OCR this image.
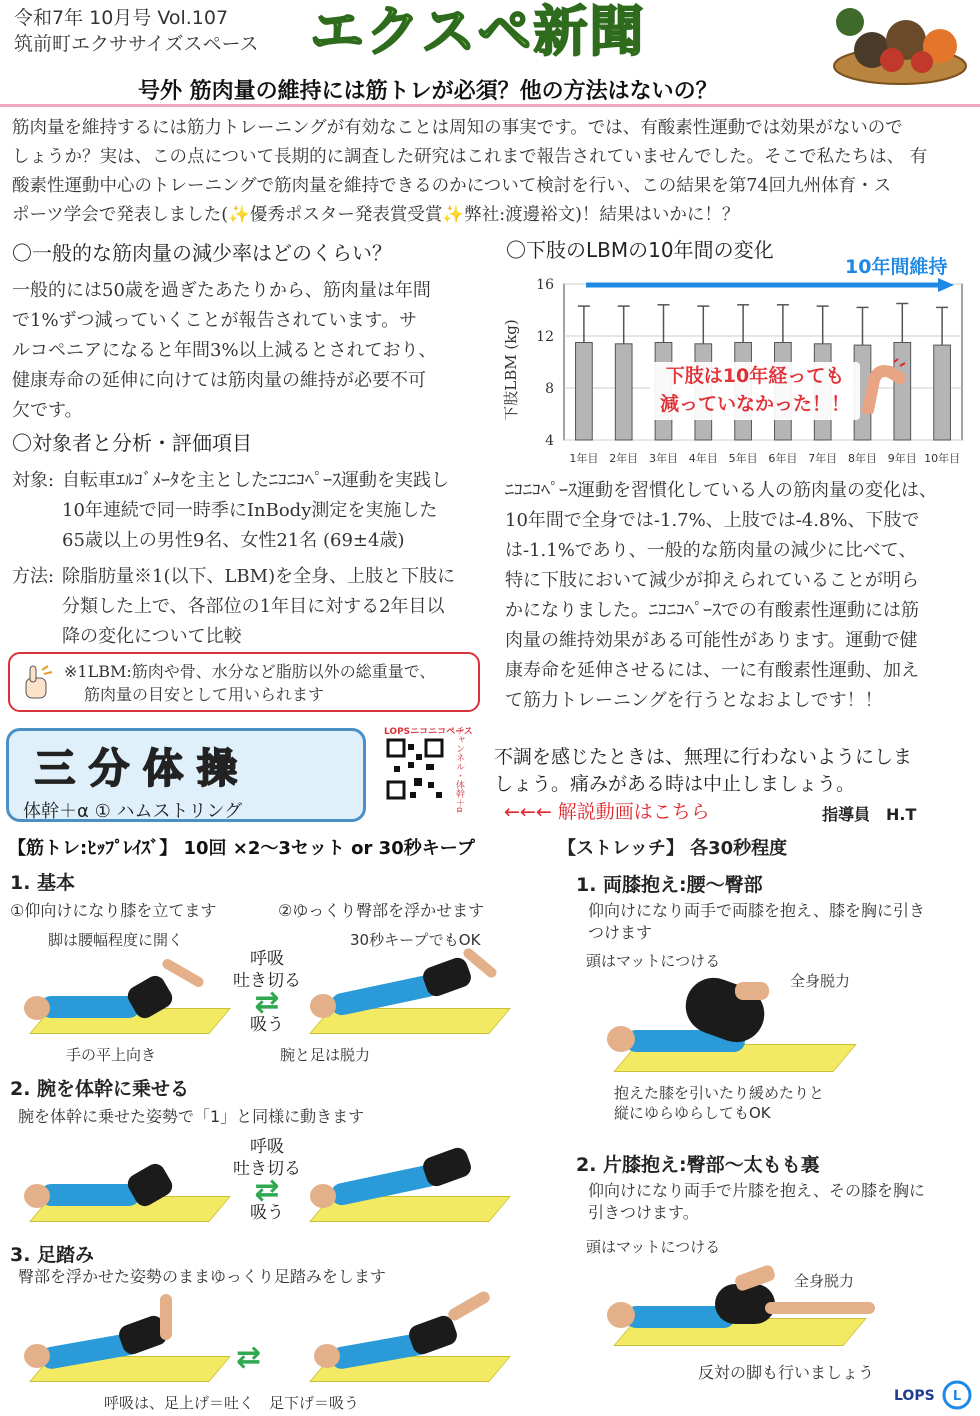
令和7年 10月号 Vol.107
筑前町エクササイズスペース エクスペ新聞
号外 筋肉量の維持には筋トレが必須？他の方法はないの？
筋肉量を維持するには筋力トレーニングが有効なことは周知の事実です。では、有酸素性運動では効果がないので
しょうか？実は、この点について長期的に調査した研究はこれまで報告されていませんでした。そこで私たちは、 有
酸素性運動中心のトレーニングで筋肉量を維持できるのかについて検討を行い、この結果を第74回九州体育・ス
ポーツ学会で発表しました(✨優秀ポスター発表賞受賞✨弊社:渡邊裕文)！結果はいかに！？
〇一般的な筋肉量の減少率はどのくらい？
一般的には50歳を過ぎたあたりから、筋肉量は年間
で1%ずつ減っていくことが報告されています。サ
ルコペニアになると年間3%以上減るとされており、
健康寿命の延伸に向けては筋肉量の維持が必要不可
欠です。
〇対象者と分析・評価項目
対象: 自転車ｴﾙｺﾞﾒｰﾀを主としたﾆｺﾆｺﾍﾟｰｽ運動を実践し
10年連続で同一時季にInBody測定を実施した
65歳以上の男性9名、女性21名 (69±4歳)
方法: 除脂肪量※1(以下、LBM)を全身、上肢と下肢に
分類した上で、各部位の1年目に対する2年目以
降の変化について比較
※1LBM:筋肉や骨、水分など脂肪以外の総重量で、
筋肉量の目安として用いられます
〇下肢のLBMの10年間の変化
下肢LBM (kg)
4
8
12
16
1年目 2年目 3年目 4年目 5年目 6年目 7年目 8年目 9年目 10年目
10年間維持
下肢は10年経っても
減っていなかった！！
ﾆｺﾆｺﾍﾟｰｽ運動を習慣化している人の筋肉量の変化は、
10年間で全身では-1.7%、上肢では-4.8%、下肢で
は-1.1%であり、一般的な筋肉量の減少に比べて、
特に下肢において減少が抑えられていることが明ら
かになりました。ﾆｺﾆｺﾍﾟｰｽでの有酸素性運動には筋
肉量の維持効果がある可能性があります。運動で健
康寿命を延伸させるには、一に有酸素性運動、加え
て筋力トレーニングを行うとなおよしです！！
三分体操
体幹＋α ① ハムストリング
LOPSニコニコペース
チャンネル・体幹＋α 不調を感じたときは、無理に行わないようにしま
しょう。痛みがある時は中止しましょう。
←←← 解説動画はこちら	指導員　H.T
【筋トレ:ﾋｯﾌﾟﾚｲｽﾞ】 10回 ×2〜3セット or 30秒キープ
1. 基本
①仰向けになり膝を立てます	②ゆっくり臀部を浮かせます
脚は腰幅程度に開く	30秒キープでもOK
呼吸
吐き切る
⇄
吸う
手の平上向き	腕と足は脱力
2. 腕を体幹に乗せる
腕を体幹に乗せた姿勢で「1」と同様に動きます
呼吸
吐き切る
⇄
吸う
3. 足踏み
臀部を浮かせた姿勢のままゆっくり足踏みをします
⇄
呼吸は、足上げ＝吐く　足下げ＝吸う
【ストレッチ】 各30秒程度
1. 両膝抱え:腰〜臀部
仰向けになり両手で両膝を抱え、膝を胸に引き
つけます
頭はマットにつける
全身脱力
抱えた膝を引いたり緩めたりと
縦にゆらゆらしてもOK
2. 片膝抱え:臀部〜太もも裏
仰向けになり両手で片膝を抱え、その膝を胸に
引きつけます。
頭はマットにつける
全身脱力
反対の脚も行いましょう
LOPS L
